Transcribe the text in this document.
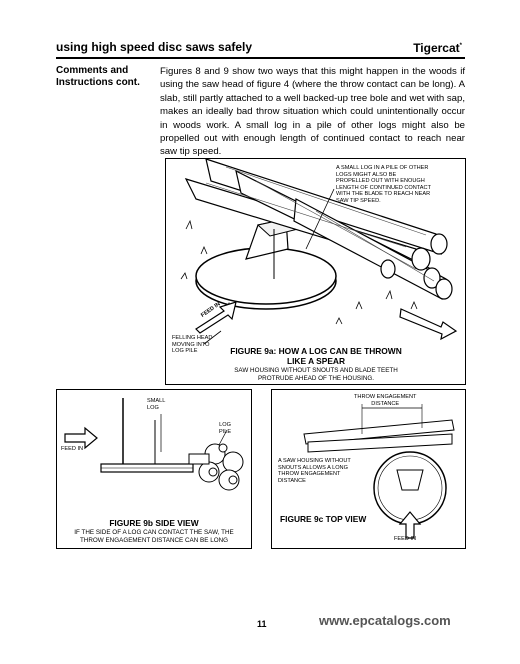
using high speed disc saws safely	Tigercat*
Comments and
Instructions cont.
Figures 8 and 9 show two ways that this might happen in the woods if using the saw head of figure 4 (where the throw contact can be long). A slab, still partly attached to a well backed-up tree bole and wet with sap, makes an ideally bad throw situation which could unintentionally occur in woods work. A small log in a pile of other logs might also be propelled out with enough length of continued contact to reach near saw tip speed.
A SMALL LOG IN A PILE OF OTHER
LOGS MIGHT ALSO BE
PROPELLED OUT WITH ENOUGH
LENGTH OF CONTINUED CONTACT
WITH THE BLADE TO REACH NEAR
SAW TIP SPEED.
FEED IN
FELLING HEAD
MOVING INTO
LOG PILE	FIGURE 9a: HOW A LOG CAN BE THROWN
LIKE A SPEAR
SAW HOUSING WITHOUT SNOUTS AND BLADE TEETH
PROTRUDE AHEAD OF THE HOUSING.
SMALL
LOG
LOG
PILE
FEED IN
FIGURE 9b SIDE VIEW
IF THE SIDE OF A LOG CAN CONTACT THE SAW, THE
THROW ENGAGEMENT DISTANCE CAN BE LONG
THROW ENGAGEMENT
DISTANCE
A SAW HOUSING WITHOUT
SNOUTS ALLOWS A LONG
THROW ENGAGEMENT
DISTANCE
FIGURE 9c TOP VIEW
FEED IN
11	www.epcatalogs.com
